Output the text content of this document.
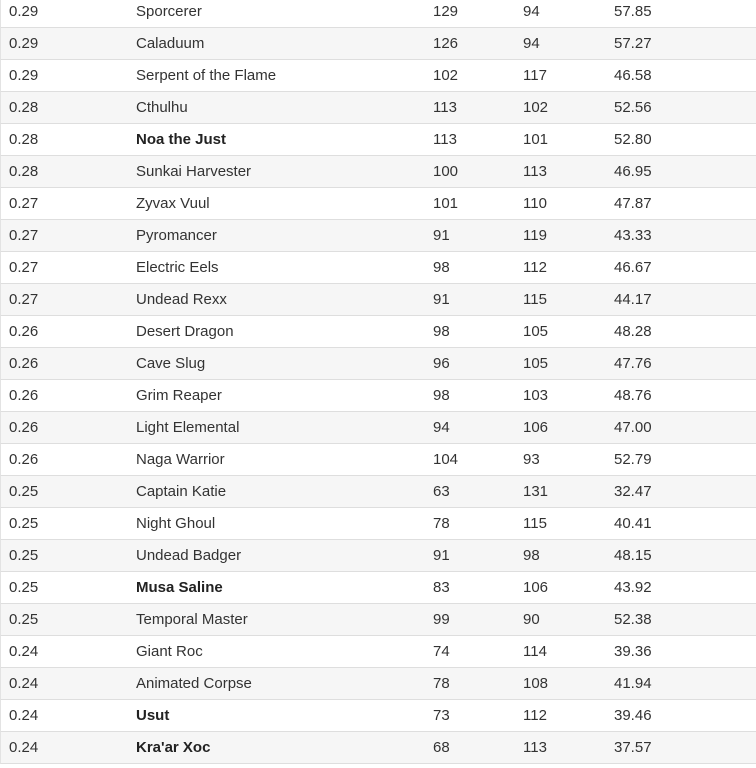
0.29	Sporcerer	129	94	57.85
0.29	Caladuum	126	94	57.27
0.29	Serpent of the Flame	102	117	46.58
0.28	Cthulhu	113	102	52.56
0.28	Noa the Just	113	101	52.80
0.28	Sunkai Harvester	100	113	46.95
0.27	Zyvax Vuul	101	110	47.87
0.27	Pyromancer	91	119	43.33
0.27	Electric Eels	98	112	46.67
0.27	Undead Rexx	91	115	44.17
0.26	Desert Dragon	98	105	48.28
0.26	Cave Slug	96	105	47.76
0.26	Grim Reaper	98	103	48.76
0.26	Light Elemental	94	106	47.00
0.26	Naga Warrior	104	93	52.79
0.25	Captain Katie	63	131	32.47
0.25	Night Ghoul	78	115	40.41
0.25	Undead Badger	91	98	48.15
0.25	Musa Saline	83	106	43.92
0.25	Temporal Master	99	90	52.38
0.24	Giant Roc	74	114	39.36
0.24	Animated Corpse	78	108	41.94
0.24	Usut	73	112	39.46
0.24	Kra'ar Xoc	68	113	37.57
